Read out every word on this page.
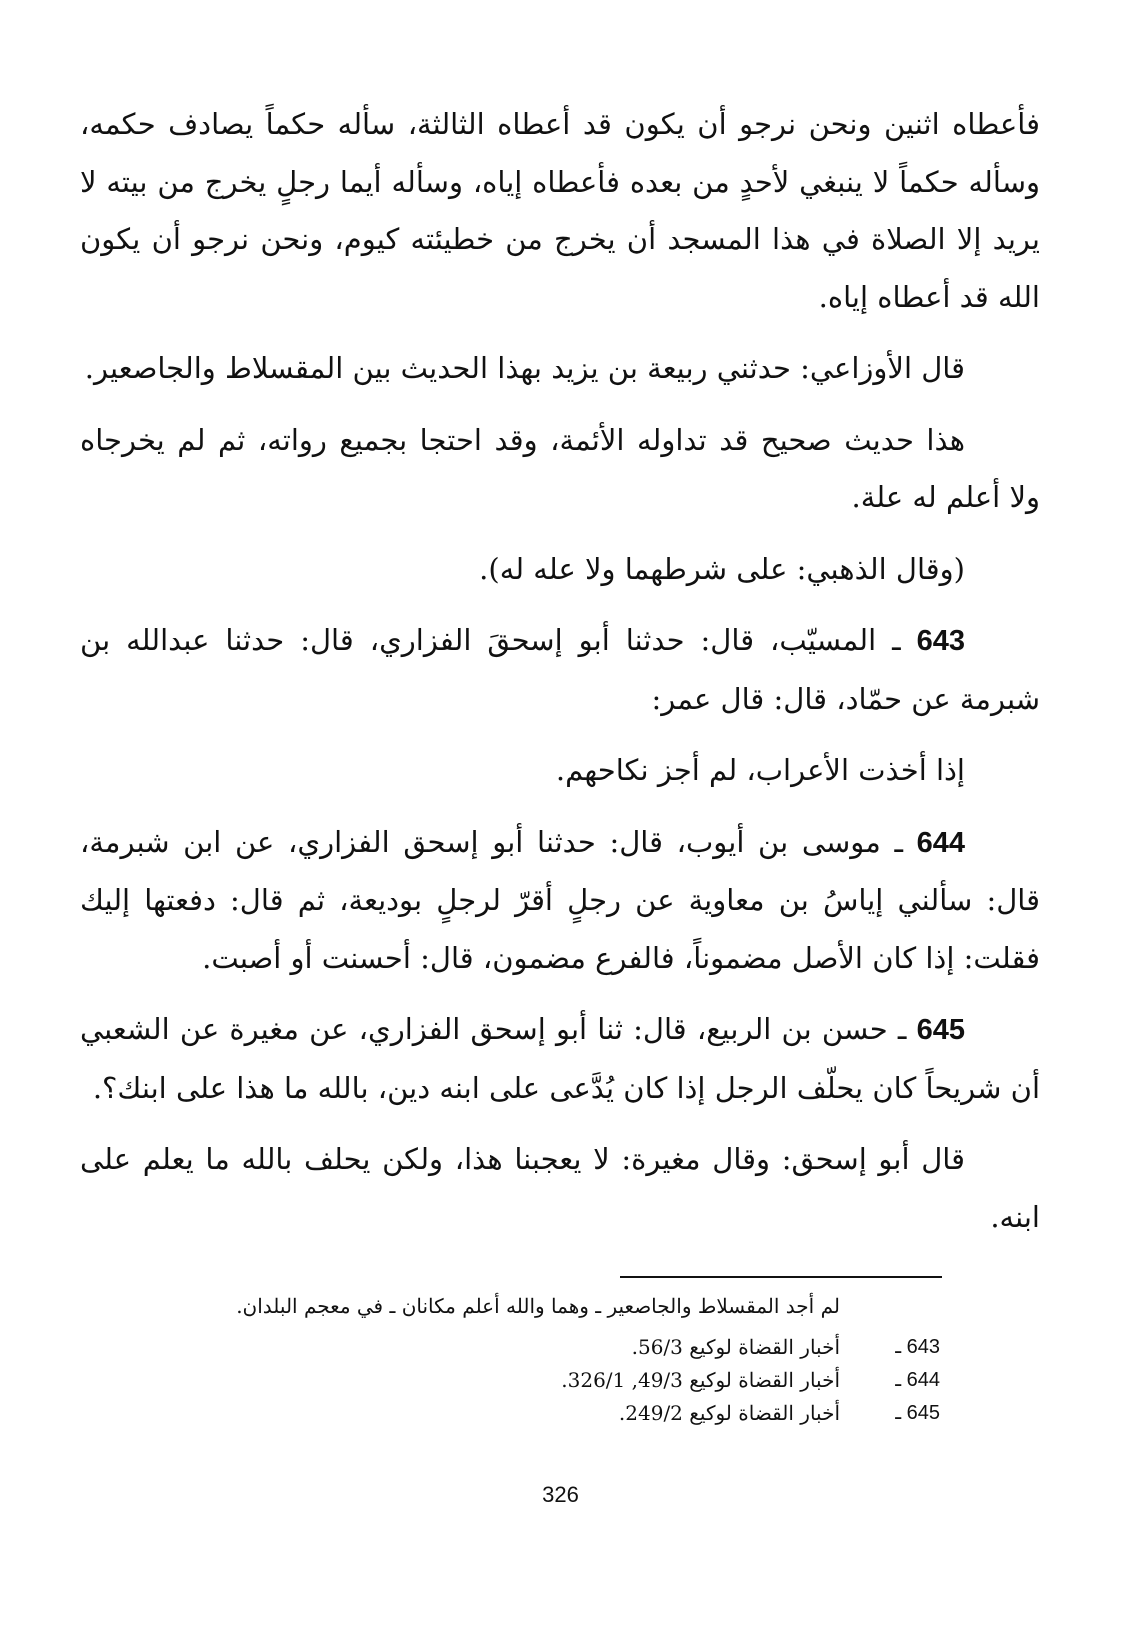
فأعطاه اثنين ونحن نرجو أن يكون قد أعطاه الثالثة، سأله حكماً يصادف حكمه، وسأله حكماً لا ينبغي لأحدٍ من بعده فأعطاه إياه، وسأله أيما رجلٍ يخرج من بيته لا يريد إلا الصلاة في هذا المسجد أن يخرج من خطيئته كيوم، ونحن نرجو أن يكون الله قد أعطاه إياه.

قال الأوزاعي: حدثني ربيعة بن يزيد بهذا الحديث بين المقسلاط والجاصعير.

هذا حديث صحيح قد تداوله الأئمة، وقد احتجا بجميع رواته، ثم لم يخرجاه ولا أعلم له علة.

(وقال الذهبي: على شرطهما ولا عله له).

643 ـ المسيّب، قال: حدثنا أبو إسحقَ الفزاري، قال: حدثنا عبدالله بن شبرمة عن حمّاد، قال: قال عمر:

إذا أخذت الأعراب، لم أجز نكاحهم.

644 ـ موسى بن أيوب، قال: حدثنا أبو إسحق الفزاري، عن ابن شبرمة، قال: سألني إياسُ بن معاوية عن رجلٍ أقرّ لرجلٍ بوديعة، ثم قال: دفعتها إليك فقلت: إذا كان الأصل مضموناً، فالفرع مضمون، قال: أحسنت أو أصبت.

645 ـ حسن بن الربيع، قال: ثنا أبو إسحق الفزاري، عن مغيرة عن الشعبي أن شريحاً كان يحلّف الرجل إذا كان يُدَّعى على ابنه دين، بالله ما هذا على ابنك؟.

قال أبو إسحق: وقال مغيرة: لا يعجبنا هذا، ولكن يحلف بالله ما يعلم على ابنه.

لم أجد المقسلاط والجاصعير ـ وهما والله أعلم مكانان ـ في معجم البلدان.
643 ـ
أخبار القضاة لوكيع 56/3.
644 ـ
أخبار القضاة لوكيع 49/3, 326/1.
645 ـ
أخبار القضاة لوكيع 249/2.
326
